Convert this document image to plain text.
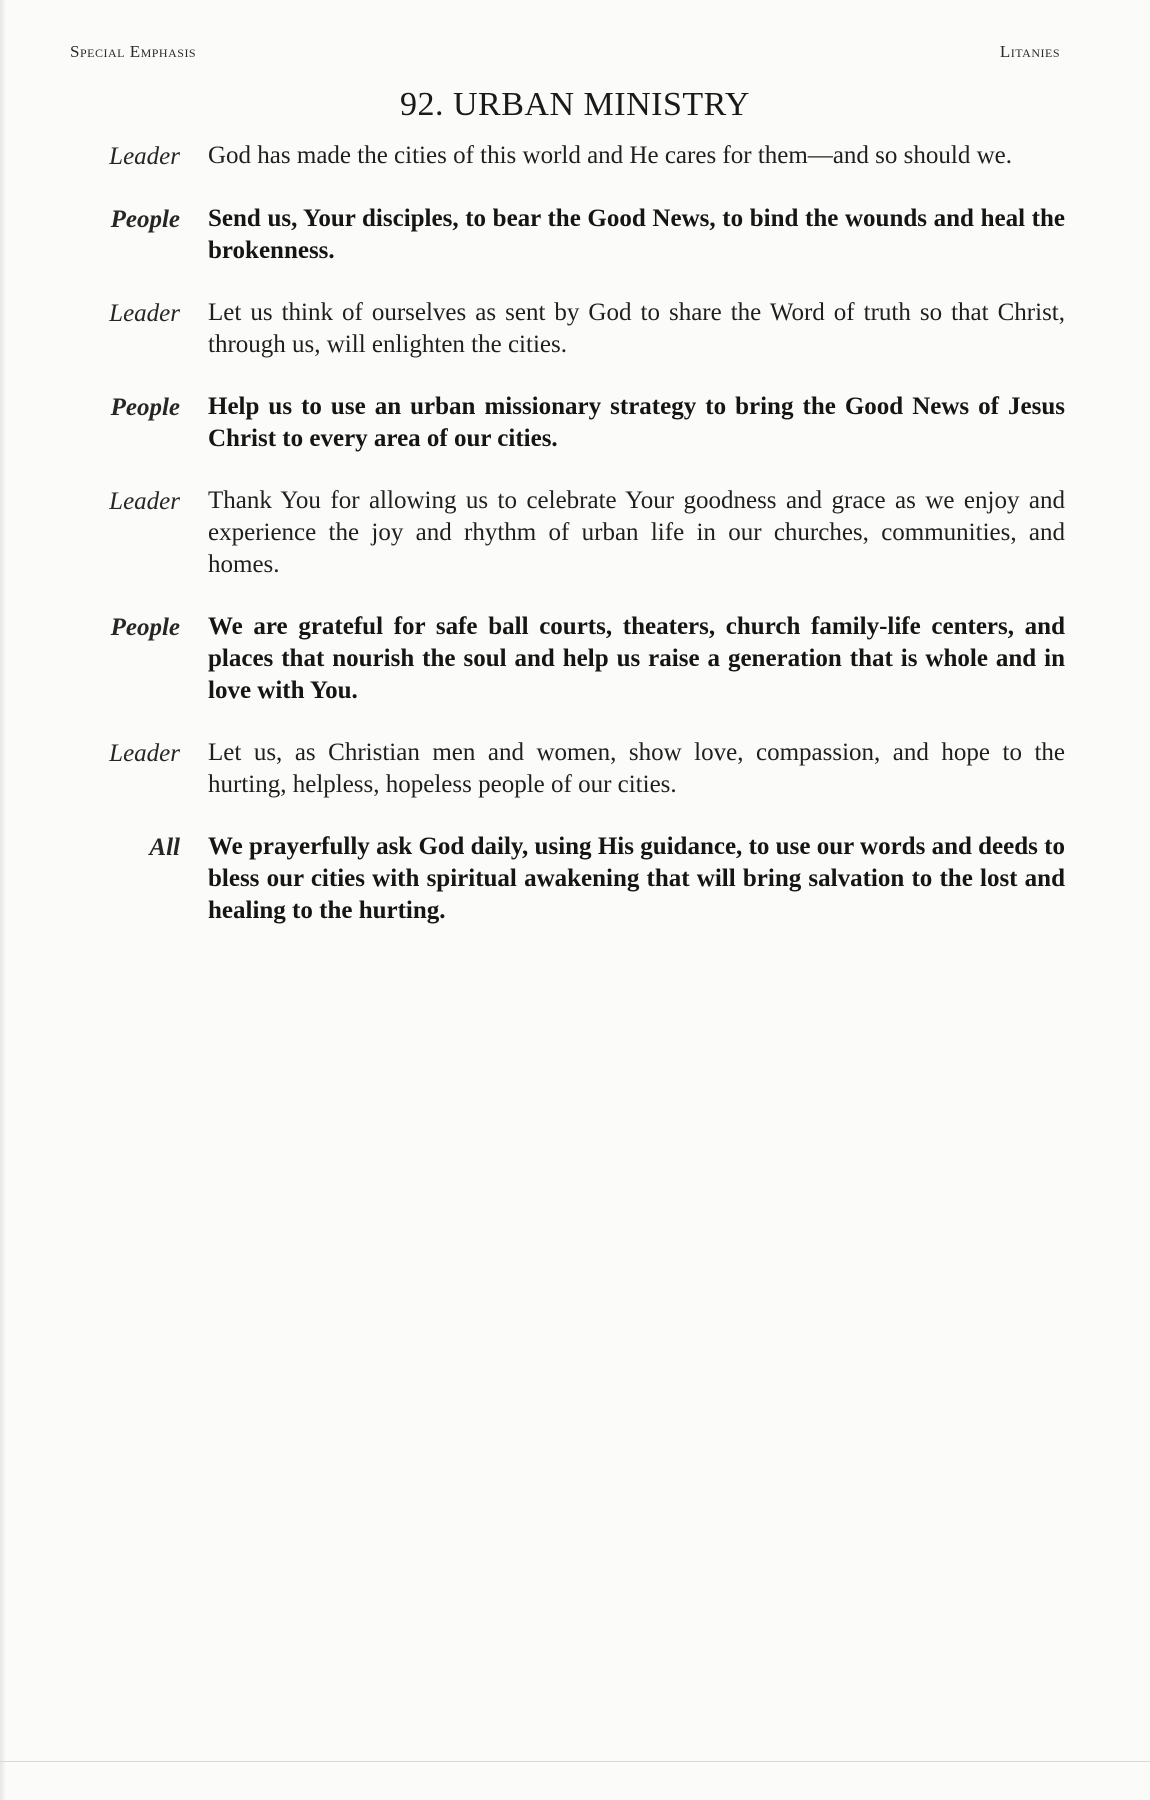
Special Emphasis	Litanies
92. URBAN MINISTRY
Leader	God has made the cities of this world and He cares for them—and so should we.
People	Send us, Your disciples, to bear the Good News, to bind the wounds and heal the brokenness.
Leader	Let us think of ourselves as sent by God to share the Word of truth so that Christ, through us, will enlighten the cities.
People	Help us to use an urban missionary strategy to bring the Good News of Jesus Christ to every area of our cities.
Leader	Thank You for allowing us to celebrate Your goodness and grace as we enjoy and experience the joy and rhythm of urban life in our churches, communities, and homes.
People	We are grateful for safe ball courts, theaters, church family-life centers, and places that nourish the soul and help us raise a generation that is whole and in love with You.
Leader	Let us, as Christian men and women, show love, compassion, and hope to the hurting, helpless, hopeless people of our cities.
All	We prayerfully ask God daily, using His guidance, to use our words and deeds to bless our cities with spiritual awakening that will bring salvation to the lost and healing to the hurting.
